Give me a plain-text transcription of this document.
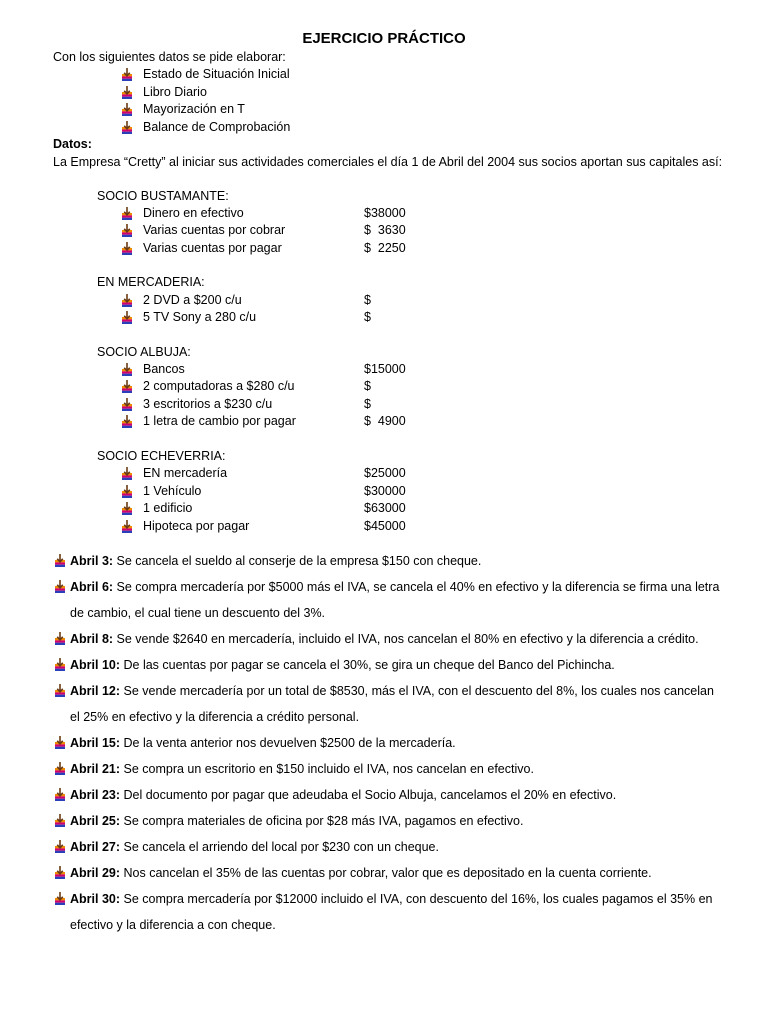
EJERCICIO PRÁCTICO
Con los siguientes datos se pide elaborar:
Estado de Situación Inicial
Libro Diario
Mayorización en T
Balance de Comprobación
Datos:
La Empresa “Cretty” al iniciar sus actividades comerciales el día 1 de Abril del 2004 sus socios aportan sus capitales así:
SOCIO BUSTAMANTE:
Dinero en efectivo	$38000
Varias cuentas por cobrar	$  3630
Varias cuentas por pagar	$  2250
EN MERCADERIA:
2 DVD a $200 c/u	$
5 TV Sony a 280 c/u	$
SOCIO ALBUJA:
Bancos	$15000
2 computadoras a $280 c/u	$
3 escritorios a $230 c/u	$
1 letra de cambio por pagar	$  4900
SOCIO ECHEVERRIA:
EN mercadería	$25000
1 Vehículo	$30000
1 edificio	$63000
Hipoteca por pagar	$45000
Abril 3: Se cancela el sueldo al conserje de la empresa $150 con cheque.
Abril 6: Se compra mercadería por $5000 más el IVA, se cancela el 40% en efectivo y la diferencia se firma una letra de cambio, el cual tiene un descuento del 3%.
Abril 8: Se vende $2640 en mercadería, incluido el IVA, nos cancelan el 80% en efectivo y la diferencia a crédito.
Abril 10: De las cuentas por pagar se cancela el 30%, se gira un cheque del Banco del Pichincha.
Abril 12: Se vende mercadería por un total de $8530, más el IVA, con el descuento del 8%, los cuales nos cancelan el 25% en efectivo y la diferencia a crédito personal.
Abril 15: De la venta anterior nos devuelven $2500 de la mercadería.
Abril 21: Se compra un escritorio en $150 incluido el IVA, nos cancelan en efectivo.
Abril 23: Del documento por pagar que adeudaba el Socio Albuja, cancelamos el 20% en efectivo.
Abril 25: Se compra materiales de oficina por $28 más IVA, pagamos en efectivo.
Abril 27: Se cancela el arriendo del local por $230 con un cheque.
Abril 29: Nos cancelan el 35% de las cuentas por cobrar, valor que es depositado en la cuenta corriente.
Abril 30: Se compra mercadería por $12000 incluido el IVA, con descuento del 16%, los cuales pagamos el 35% en efectivo y la diferencia a con cheque.
